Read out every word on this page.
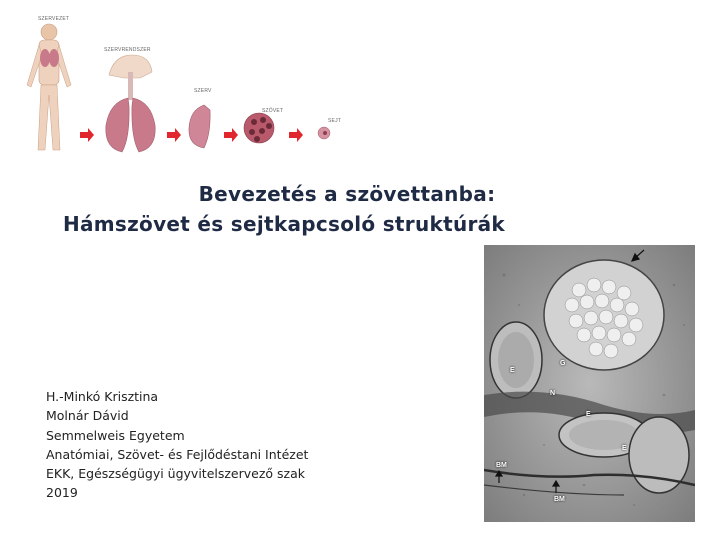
SZERVEZET
SZERVRENDSZER
SZERV
SZÖVET
SEJT
Bevezetés a szövettanba:
Hámszövet és sejtkapcsoló struktúrák
H.-Minkó Krisztina
Molnár Dávid
Semmelweis Egyetem
Anatómiai, Szövet- és Fejlődéstani Intézet
EKK, Egészségügyi ügyvitelszervező szak
2019
E
G
N
E
E
BM
BM
